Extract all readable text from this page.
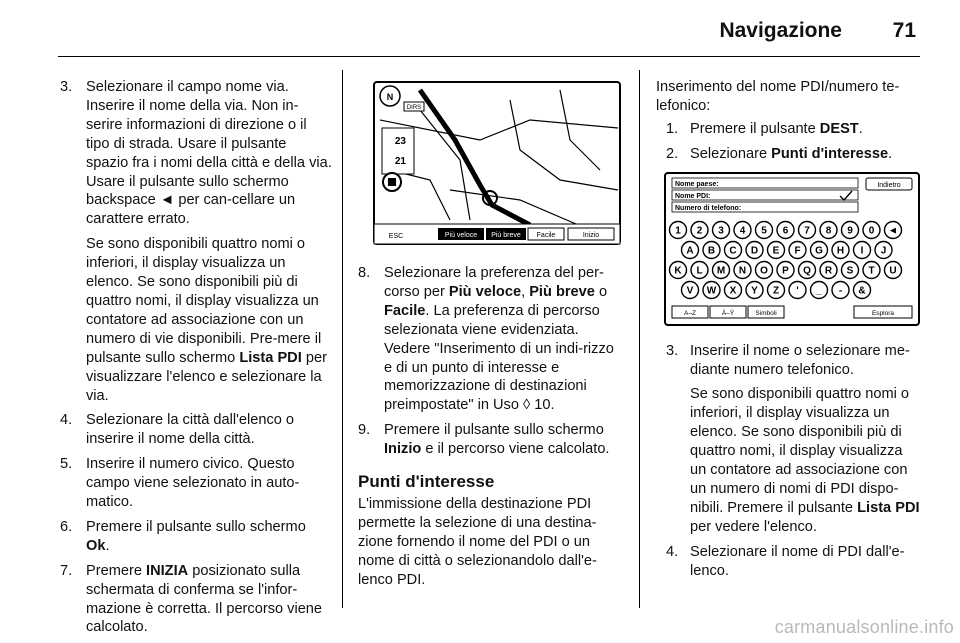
Navigazione 71
3. Selezionare il campo nome via. Inserire il nome della via. Non in-serire informazioni di direzione o il tipo di strada. Usare il pulsante spazio fra i nomi della città e della via. Usare il pulsante sullo schermo backspace ◄ per can-cellare un carattere errato.

Se sono disponibili quattro nomi o inferiori, il display visualizza un elenco. Se sono disponibili più di quattro nomi, il display visualizza un contatore ad associazione con un numero di vie disponibili. Pre-mere il pulsante sullo schermo Lista PDI per visualizzare l'elenco e selezionare la via.

4. Selezionare la città dall'elenco o inserire il nome della città.

5. Inserire il numero civico. Questo campo viene selezionato in auto-matico.

6. Premere il pulsante sullo schermo Ok.

7. Premere INIZIA posizionato sulla schermata di conferma se l'infor-mazione è corretta. Il percorso viene calcolato.

N
DIRS
23
21
ESC	Più veloce Più breve Facile	Inizio
8. Selezionare la preferenza del per-corso per Più veloce, Più breve o Facile. La preferenza di percorso selezionata viene evidenziata. Vedere "Inserimento di un indi-rizzo e di un punto di interesse e memorizzazione di destinazioni preimpostate" in Uso ◊ 10.

9. Premere il pulsante sullo schermo Inizio e il percorso viene calcolato.

Punti d'interesse

L'immissione della destinazione PDI permette la selezione di una destina-zione fornendo il nome del PDI o un nome di città o selezionandolo dall'e-lenco PDI.

Inserimento del nome PDI/numero te-lefonico:

1. Premere il pulsante DEST.

2. Selezionare Punti d'interesse.

Nome paese:
Nome PDI:
Numero di telefono:
Indietro
1 2 3 4 5 6 7 8 9 0 ◄
A B C D E F G H I J
K L M N O P Q R S T U
V W X Y Z ' _ - &
A–Z	À–Ÿ	Simboli	Esplora
3. Inserire il nome o selezionare me-diante numero telefonico.

Se sono disponibili quattro nomi o inferiori, il display visualizza un elenco. Se sono disponibili più di quattro nomi, il display visualizza un contatore ad associazione con un numero di nomi di PDI dispo-nibili. Premere il pulsante Lista PDI per vedere l'elenco.

4. Selezionare il nome di PDI dall'e-lenco.

carmanualsonline.info
